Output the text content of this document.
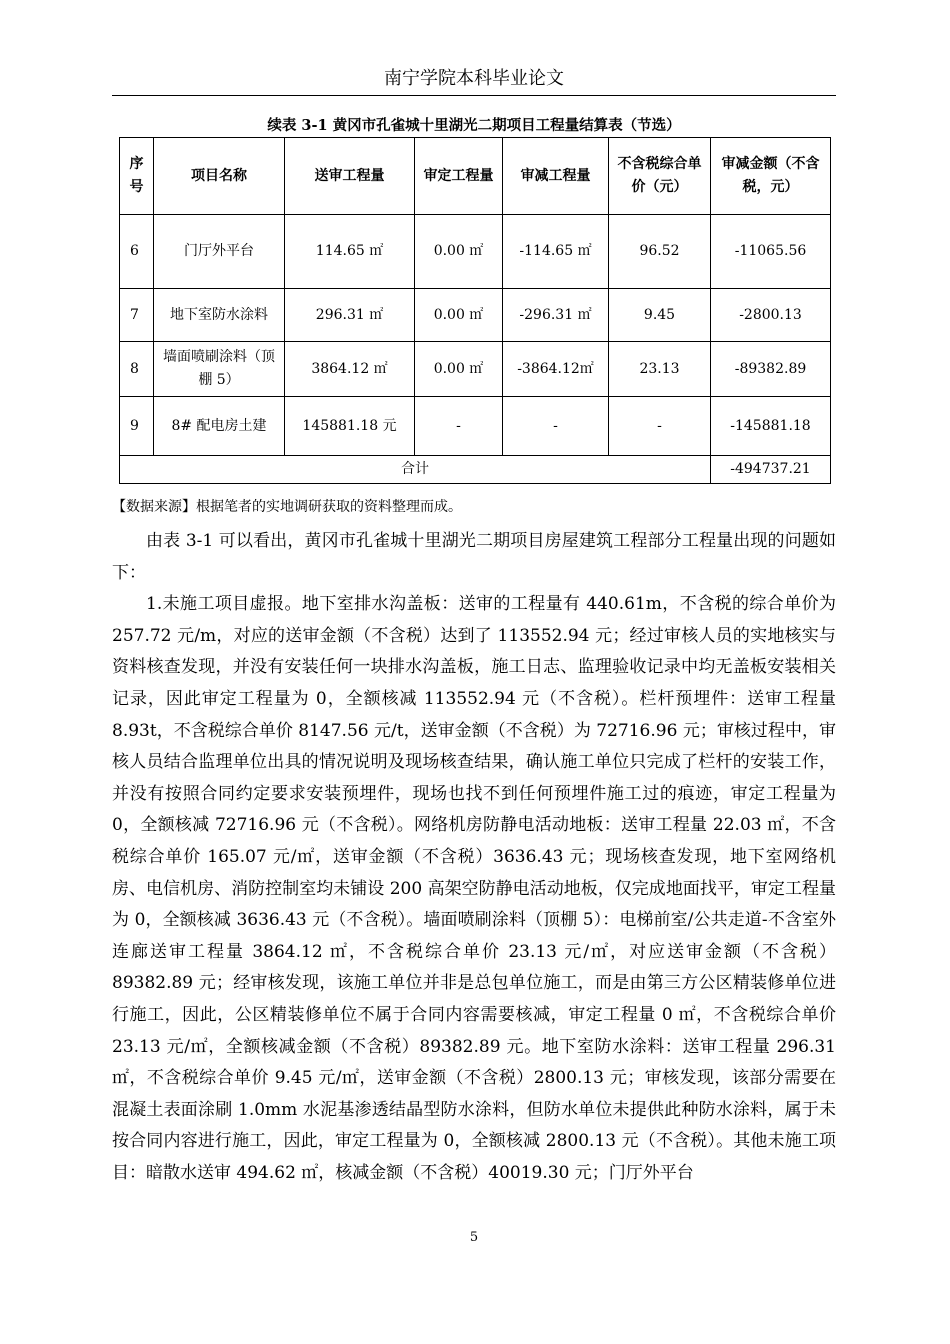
南宁学院本科毕业论文
续表 3-1 黄冈市孔雀城十里湖光二期项目工程量结算表（节选）
序号	项目名称	送审工程量	审定工程量	审减工程量	不含税综合单价（元）	审减金额（不含税，元）
6	门厅外平台	114.65 ㎡	0.00 ㎡	-114.65 ㎡	96.52	-11065.56
7	地下室防水涂料	296.31 ㎡	0.00 ㎡	-296.31 ㎡	9.45	-2800.13
8	墙面喷刷涂料（顶棚 5）	3864.12 ㎡	0.00 ㎡	-3864.12㎡	23.13	-89382.89
9	8# 配电房土建	145881.18 元	-	-	-	-145881.18
合计						-494737.21
【数据来源】根据笔者的实地调研获取的资料整理而成。

由表 3-1 可以看出，黄冈市孔雀城十里湖光二期项目房屋建筑工程部分工程量出现的问题如下：

1.未施工项目虚报。地下室排水沟盖板：送审的工程量有 440.61m，不含税的综合单价为 257.72 元/m，对应的送审金额（不含税）达到了 113552.94 元；经过审核人员的实地核实与资料核查发现，并没有安装任何一块排水沟盖板，施工日志、监理验收记录中均无盖板安装相关记录，因此审定工程量为 0，全额核减 113552.94 元（不含税）。栏杆预埋件：送审工程量 8.93t，不含税综合单价 8147.56 元/t，送审金额（不含税）为 72716.96 元；审核过程中，审核人员结合监理单位出具的情况说明及现场核查结果，确认施工单位只完成了栏杆的安装工作，并没有按照合同约定要求安装预埋件，现场也找不到任何预埋件施工过的痕迹，审定工程量为 0，全额核减 72716.96 元（不含税）。网络机房防静电活动地板：送审工程量 22.03 ㎡，不含税综合单价 165.07 元/㎡，送审金额（不含税）3636.43 元；现场核查发现，地下室网络机房、电信机房、消防控制室均未铺设 200 高架空防静电活动地板，仅完成地面找平，审定工程量为 0，全额核减 3636.43 元（不含税）。墙面喷刷涂料（顶棚 5）：电梯前室/公共走道-不含室外连廊送审工程量 3864.12 ㎡，不含税综合单价 23.13 元/㎡，对应送审金额（不含税）89382.89 元；经审核发现，该施工单位并非是总包单位施工，而是由第三方公区精装修单位进行施工，因此，公区精装修单位不属于合同内容需要核减，审定工程量 0 ㎡，不含税综合单价 23.13 元/㎡，全额核减金额（不含税）89382.89 元。地下室防水涂料：送审工程量 296.31 ㎡，不含税综合单价 9.45 元/㎡，送审金额（不含税）2800.13 元；审核发现，该部分需要在混凝土表面涂刷 1.0mm 水泥基渗透结晶型防水涂料，但防水单位未提供此种防水涂料，属于未按合同内容进行施工，因此，审定工程量为 0，全额核减 2800.13 元（不含税）。其他未施工项目：暗散水送审 494.62 ㎡，核减金额（不含税）40019.30 元；门厅外平台

5
